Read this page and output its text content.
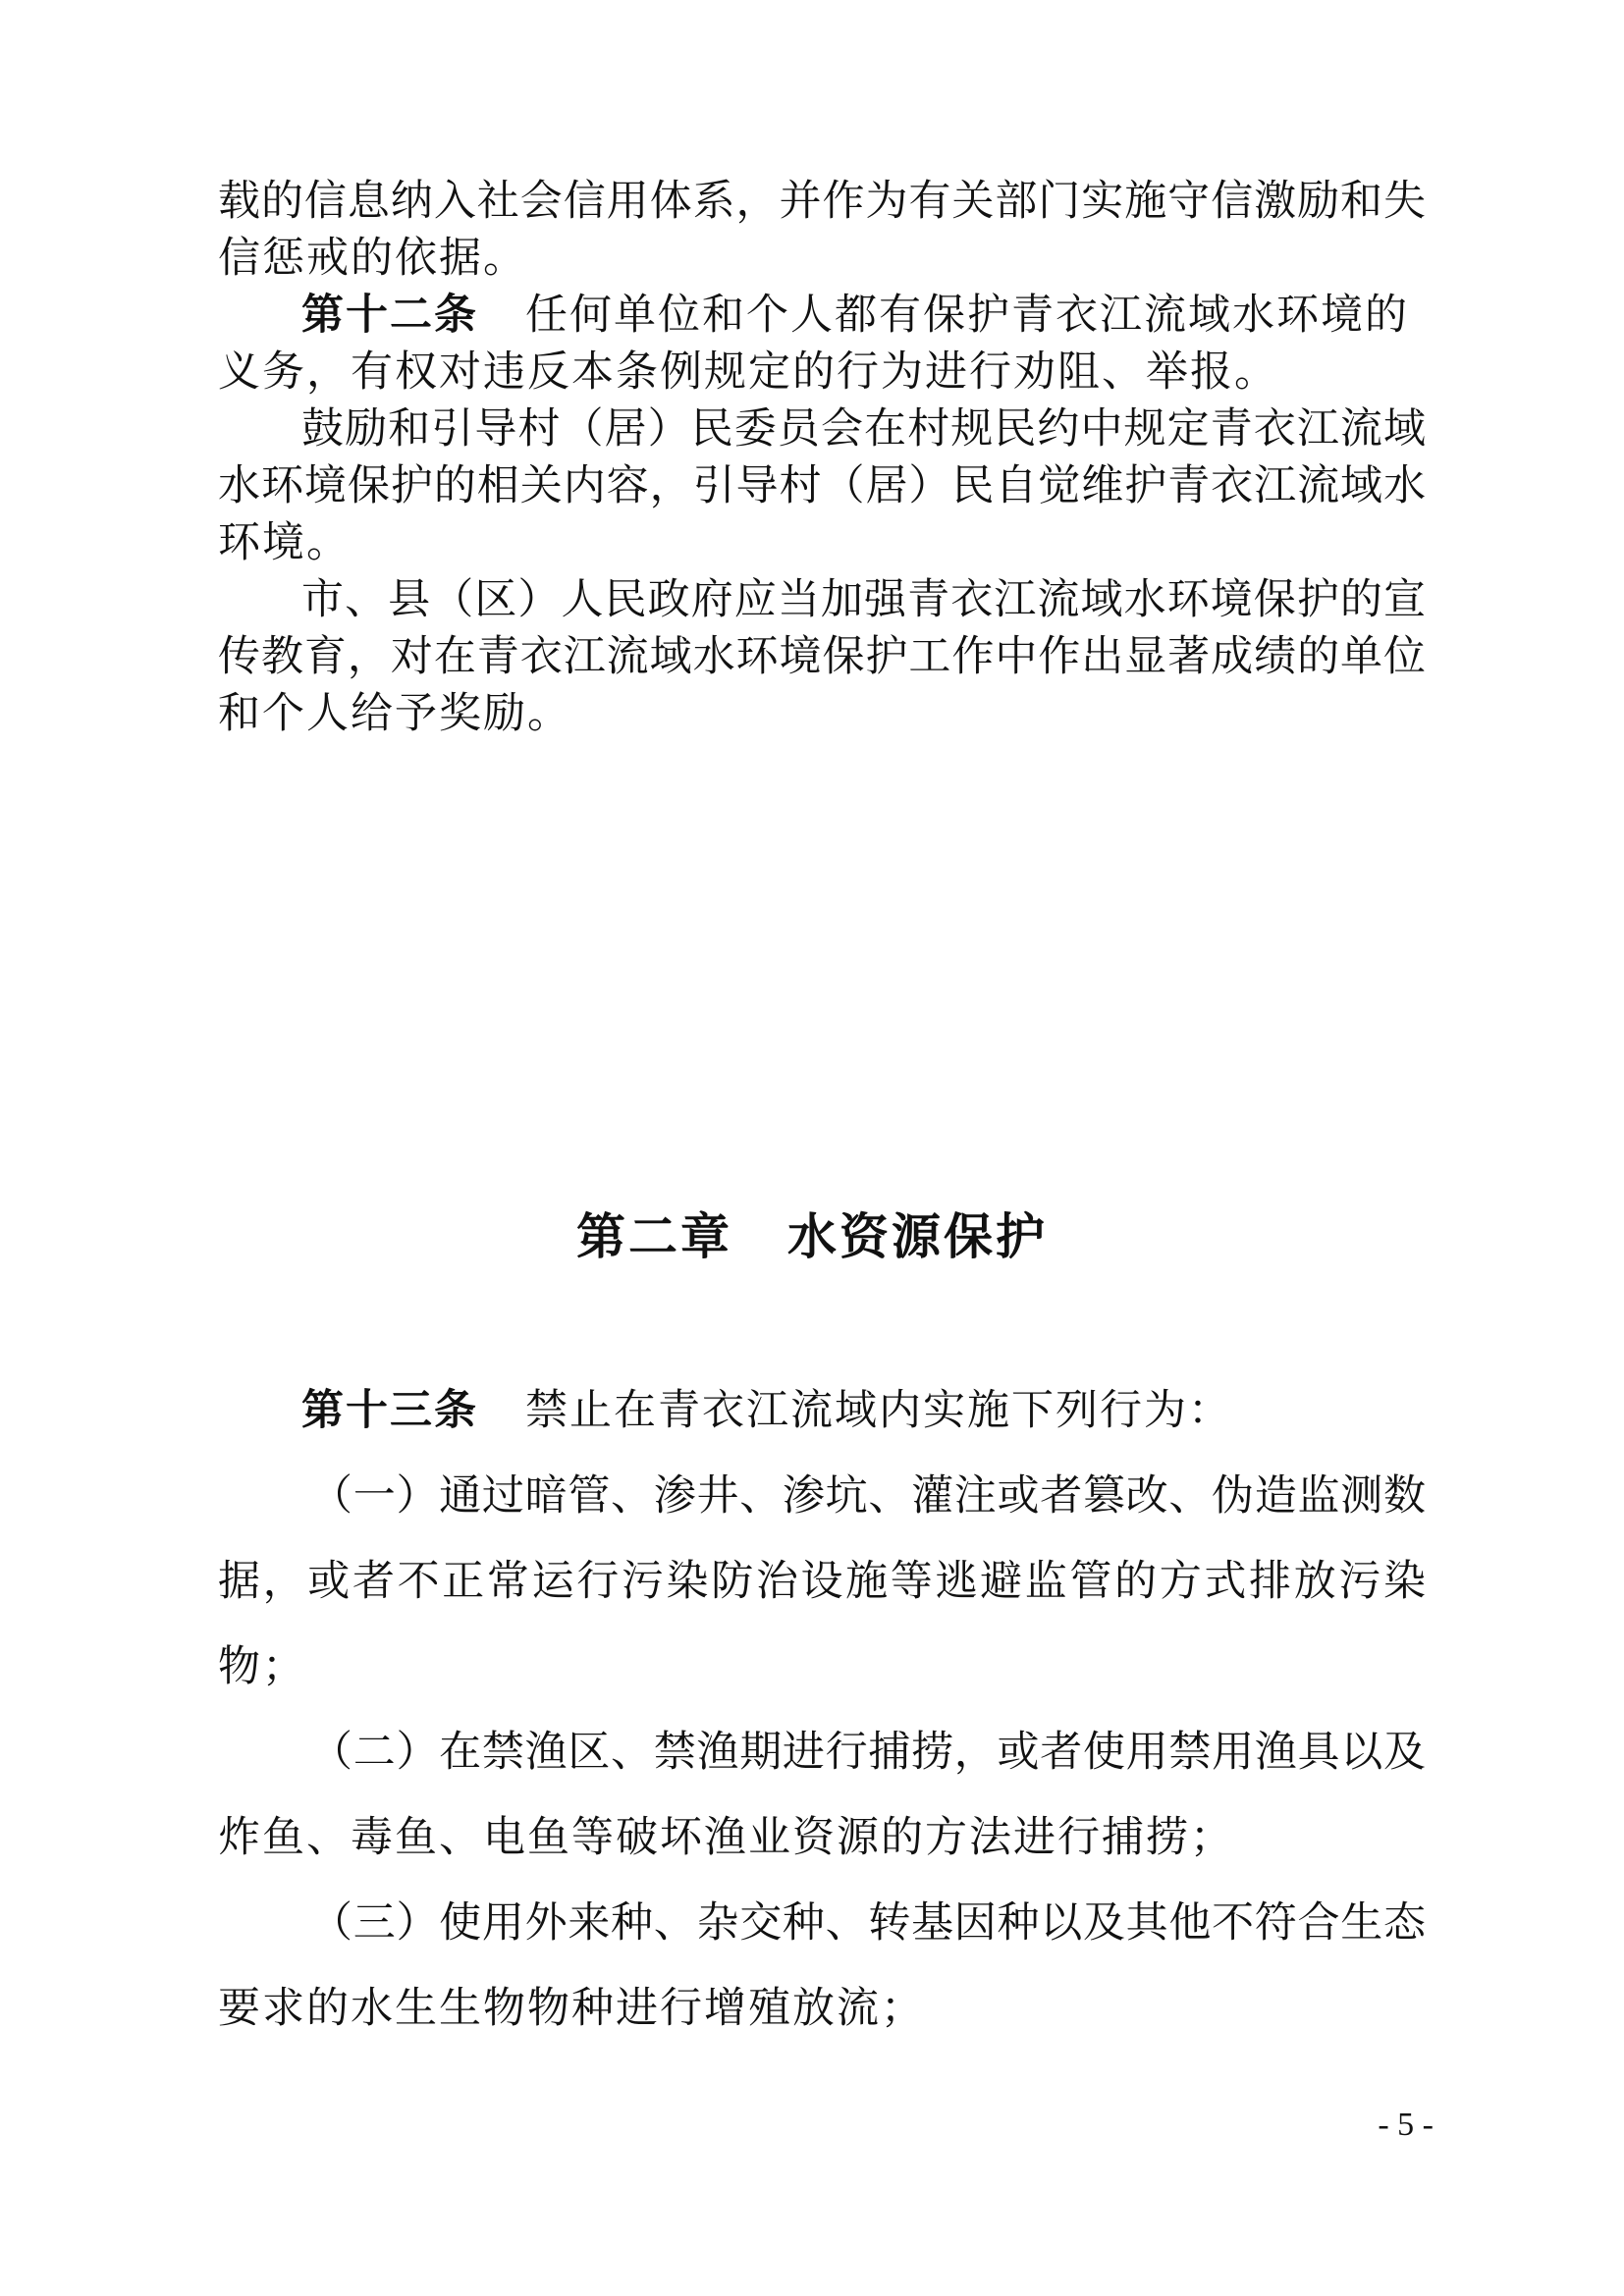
载的信息纳入社会信用体系，并作为有关部门实施守信激励和失
信惩戒的依据。
第十二条 任何单位和个人都有保护青衣江流域水环境的
义务，有权对违反本条例规定的行为进行劝阻、举报。
鼓励和引导村（居）民委员会在村规民约中规定青衣江流域
水环境保护的相关内容，引导村（居）民自觉维护青衣江流域水
环境。
市、县（区）人民政府应当加强青衣江流域水环境保护的宣
传教育，对在青衣江流域水环境保护工作中作出显著成绩的单位
和个人给予奖励。
第二章 水资源保护
第十三条 禁止在青衣江流域内实施下列行为：
（一）通过暗管、渗井、渗坑、灌注或者篡改、伪造监测数
据，或者不正常运行污染防治设施等逃避监管的方式排放污染
物；
（二）在禁渔区、禁渔期进行捕捞，或者使用禁用渔具以及
炸鱼、毒鱼、电鱼等破坏渔业资源的方法进行捕捞；
（三）使用外来种、杂交种、转基因种以及其他不符合生态
要求的水生生物物种进行增殖放流；
- 5 -
